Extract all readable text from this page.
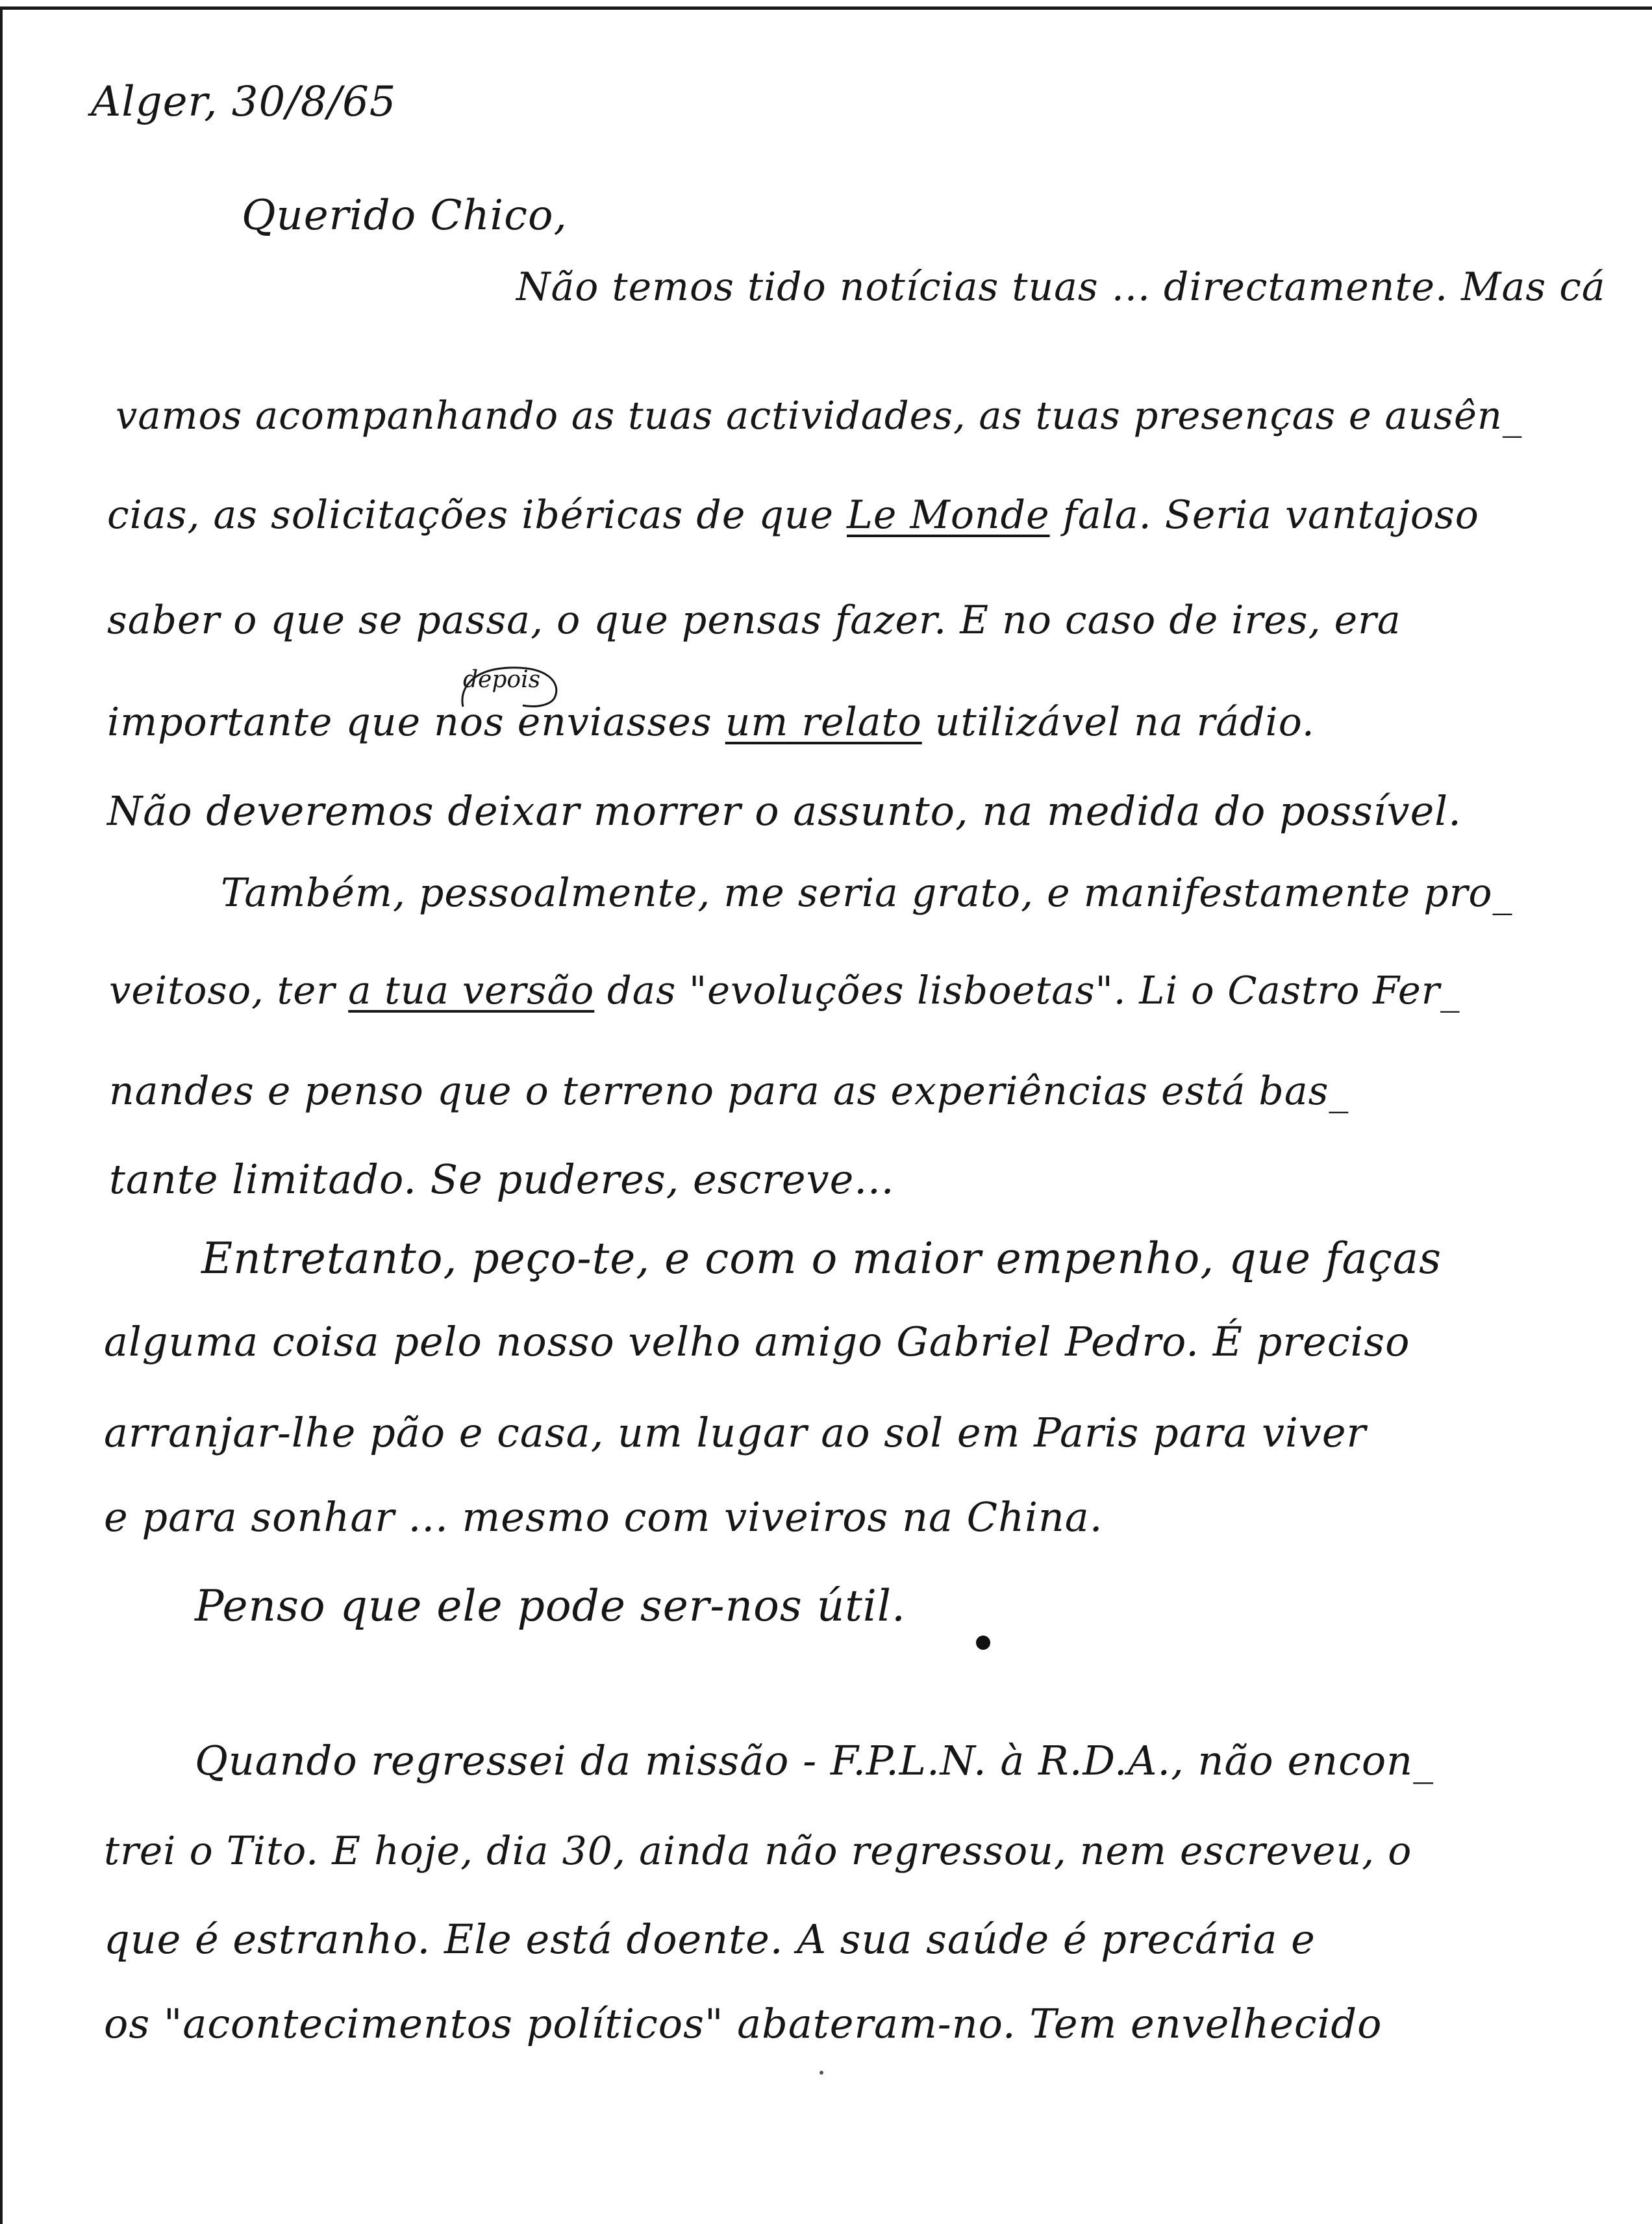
Alger, 30/8/65
Querido Chico,
Não temos tido notícias tuas ... directamente. Mas cá
vamos acompanhando as tuas actividades, as tuas presenças e ausên_
cias, as solicitações ibéricas de que Le Monde fala. Seria vantajoso
depois
saber o que se passa, o que pensas fazer. E no caso de ires, era
importante que nos enviasses um relato utilizável na rádio.
Não deveremos deixar morrer o assunto, na medida do possível.
Também, pessoalmente, me seria grato, e manifestamente pro_
veitoso, ter a tua versão das "evoluções lisboetas". Li o Castro Fer_
nandes e penso que o terreno para as experiências está bas_
tante limitado. Se puderes, escreve...
Entretanto, peço-te, e com o maior empenho, que faças
alguma coisa pelo nosso velho amigo Gabriel Pedro. É preciso
arranjar-lhe pão e casa, um lugar ao sol em Paris para viver
e para sonhar ... mesmo com viveiros na China.
Penso que ele pode ser-nos útil.
Quando regressei da missão - F.P.L.N. à R.D.A., não encon_
trei o Tito. E hoje, dia 30, ainda não regressou, nem escreveu, o
que é estranho. Ele está doente. A sua saúde é precária e
os "acontecimentos políticos" abateram-no. Tem envelhecido
